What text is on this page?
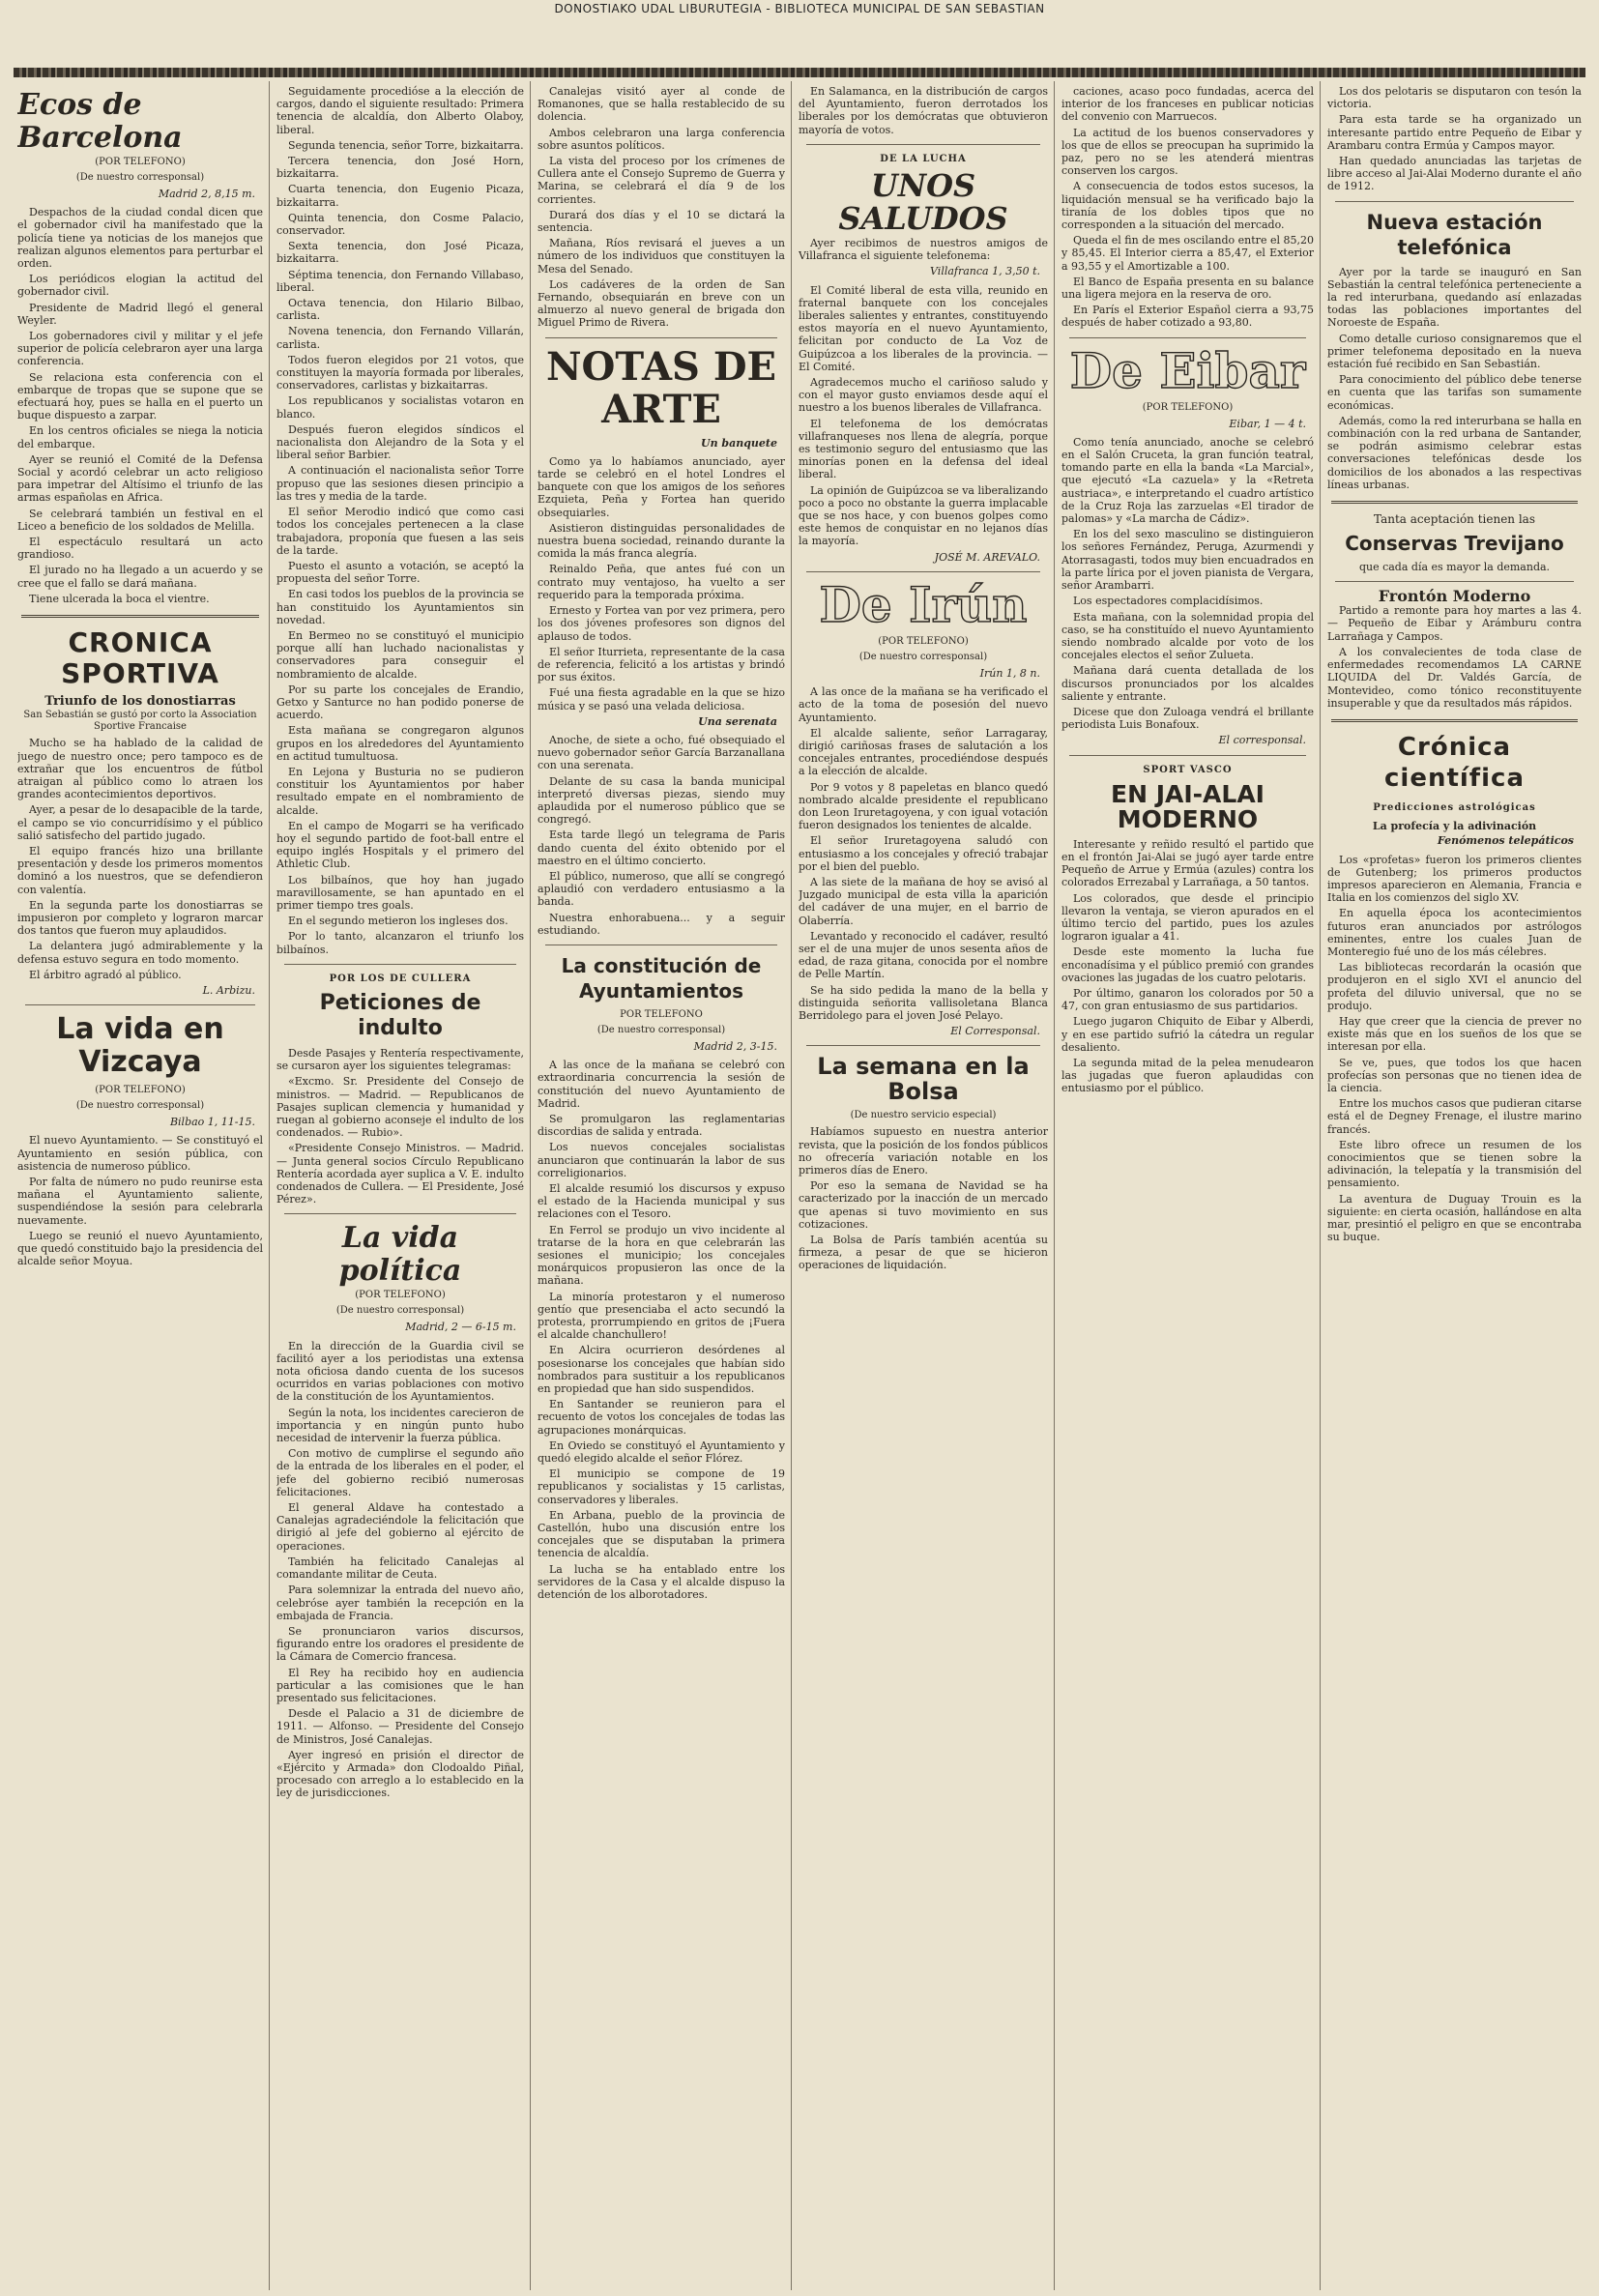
DONOSTIAKO UDAL LIBURUTEGIA - BIBLIOTECA MUNICIPAL DE SAN SEBASTIAN
Ecos de Barcelona
(POR TELEFONO)
(De nuestro corresponsal)
Madrid 2, 8,15 m.

Despachos de la ciudad condal dicen que el gobernador civil ha manifestado que la policía tiene ya noticias de los manejos que realizan algunos elementos para perturbar el orden.

Los periódicos elogian la actitud del gobernador civil.

Presidente de Madrid llegó el general Weyler.

Los gobernadores civil y militar y el jefe superior de policía celebraron ayer una larga conferencia.

Se relaciona esta conferencia con el embarque de tropas que se supone que se efectuará hoy, pues se halla en el puerto un buque dispuesto a zarpar.

En los centros oficiales se niega la noticia del embarque.

Ayer se reunió el Comité de la Defensa Social y acordó celebrar un acto religioso para impetrar del Altísimo el triunfo de las armas españolas en Africa.

Se celebrará también un festival en el Liceo a beneficio de los soldados de Melilla.

El espectáculo resultará un acto grandioso.

El jurado no ha llegado a un acuerdo y se cree que el fallo se dará mañana.

Tiene ulcerada la boca el vientre.

CRONICA SPORTIVA
Triunfo de los donostiarras
San Sebastián se gustó por corto la Association Sportive Francaise

Mucho se ha hablado de la calidad de juego de nuestro once; pero tampoco es de extrañar que los encuentros de fútbol atraigan al público como lo atraen los grandes acontecimientos deportivos.

Ayer, a pesar de lo desapacible de la tarde, el campo se vio concurridísimo y el público salió satisfecho del partido jugado.

El equipo francés hizo una brillante presentación y desde los primeros momentos dominó a los nuestros, que se defendieron con valentía.

En la segunda parte los donostiarras se impusieron por completo y lograron marcar dos tantos que fueron muy aplaudidos.

La delantera jugó admirablemente y la defensa estuvo segura en todo momento.

El árbitro agradó al público.

L. Arbizu.
La vida en Vizcaya
(POR TELEFONO)
(De nuestro corresponsal)
Bilbao 1, 11-15.

El nuevo Ayuntamiento. — Se constituyó el Ayuntamiento en sesión pública, con asistencia de numeroso público.

Por falta de número no pudo reunirse esta mañana el Ayuntamiento saliente, suspendiéndose la sesión para celebrarla nuevamente.

Luego se reunió el nuevo Ayuntamiento, que quedó constituido bajo la presidencia del alcalde señor Moyua.

Seguidamente procedióse a la elección de cargos, dando el siguiente resultado: Primera tenencia de alcaldía, don Alberto Olaboy, liberal.

Segunda tenencia, señor Torre, bizkaitarra.

Tercera tenencia, don José Horn, bizkaitarra.

Cuarta tenencia, don Eugenio Picaza, bizkaitarra.

Quinta tenencia, don Cosme Palacio, conservador.

Sexta tenencia, don José Picaza, bizkaitarra.

Séptima tenencia, don Fernando Villabaso, liberal.

Octava tenencia, don Hilario Bilbao, carlista.

Novena tenencia, don Fernando Villarán, carlista.

Todos fueron elegidos por 21 votos, que constituyen la mayoría formada por liberales, conservadores, carlistas y bizkaitarras.

Los republicanos y socialistas votaron en blanco.

Después fueron elegidos síndicos el nacionalista don Alejandro de la Sota y el liberal señor Barbier.

A continuación el nacionalista señor Torre propuso que las sesiones diesen principio a las tres y media de la tarde.

El señor Merodio indicó que como casi todos los concejales pertenecen a la clase trabajadora, proponía que fuesen a las seis de la tarde.

Puesto el asunto a votación, se aceptó la propuesta del señor Torre.

En casi todos los pueblos de la provincia se han constituido los Ayuntamientos sin novedad.

En Bermeo no se constituyó el municipio porque allí han luchado nacionalistas y conservadores para conseguir el nombramiento de alcalde.

Por su parte los concejales de Erandio, Getxo y Santurce no han podido ponerse de acuerdo.

Esta mañana se congregaron algunos grupos en los alrededores del Ayuntamiento en actitud tumultuosa.

En Lejona y Busturia no se pudieron constituir los Ayuntamientos por haber resultado empate en el nombramiento de alcalde.

En el campo de Mogarri se ha verificado hoy el segundo partido de foot-ball entre el equipo inglés Hospitals y el primero del Athletic Club.

Los bilbaínos, que hoy han jugado maravillosamente, se han apuntado en el primer tiempo tres goals.

En el segundo metieron los ingleses dos.

Por lo tanto, alcanzaron el triunfo los bilbaínos.

POR LOS DE CULLERA
Peticiones de indulto

Desde Pasajes y Rentería respectivamente, se cursaron ayer los siguientes telegramas:

«Excmo. Sr. Presidente del Consejo de ministros. — Madrid. — Republicanos de Pasajes suplican clemencia y humanidad y ruegan al gobierno aconseje el indulto de los condenados. — Rubio».

«Presidente Consejo Ministros. — Madrid. — Junta general socios Círculo Republicano Rentería acordada ayer suplica a V. E. indulto condenados de Cullera. — El Presidente, José Pérez».

La vida política
(POR TELEFONO)
(De nuestro corresponsal)
Madrid, 2 — 6-15 m.

En la dirección de la Guardia civil se facilitó ayer a los periodistas una extensa nota oficiosa dando cuenta de los sucesos ocurridos en varias poblaciones con motivo de la constitución de los Ayuntamientos.

Según la nota, los incidentes carecieron de importancia y en ningún punto hubo necesidad de intervenir la fuerza pública.

Con motivo de cumplirse el segundo año de la entrada de los liberales en el poder, el jefe del gobierno recibió numerosas felicitaciones.

El general Aldave ha contestado a Canalejas agradeciéndole la felicitación que dirigió al jefe del gobierno al ejército de operaciones.

También ha felicitado Canalejas al comandante militar de Ceuta.

Para solemnizar la entrada del nuevo año, celebróse ayer también la recepción en la embajada de Francia.

Se pronunciaron varios discursos, figurando entre los oradores el presidente de la Cámara de Comercio francesa.

El Rey ha recibido hoy en audiencia particular a las comisiones que le han presentado sus felicitaciones.

Desde el Palacio a 31 de diciembre de 1911. — Alfonso. — Presidente del Consejo de Ministros, José Canalejas.

Ayer ingresó en prisión el director de «Ejército y Armada» don Clodoaldo Piñal, procesado con arreglo a lo establecido en la ley de jurisdicciones.

Canalejas visitó ayer al conde de Romanones, que se halla restablecido de su dolencia.

Ambos celebraron una larga conferencia sobre asuntos políticos.

La vista del proceso por los crímenes de Cullera ante el Consejo Supremo de Guerra y Marina, se celebrará el día 9 de los corrientes.

Durará dos días y el 10 se dictará la sentencia.

Mañana, Ríos revisará el jueves a un número de los individuos que constituyen la Mesa del Senado.

Los cadáveres de la orden de San Fernando, obsequiarán en breve con un almuerzo al nuevo general de brigada don Miguel Primo de Rivera.

NOTAS DE ARTE
Un banquete

Como ya lo habíamos anunciado, ayer tarde se celebró en el hotel Londres el banquete con que los amigos de los señores Ezquieta, Peña y Fortea han querido obsequiarles.

Asistieron distinguidas personalidades de nuestra buena sociedad, reinando durante la comida la más franca alegría.

Reinaldo Peña, que antes fué con un contrato muy ventajoso, ha vuelto a ser requerido para la temporada próxima.

Ernesto y Fortea van por vez primera, pero los dos jóvenes profesores son dignos del aplauso de todos.

El señor Iturrieta, representante de la casa de referencia, felicitó a los artistas y brindó por sus éxitos.

Fué una fiesta agradable en la que se hizo música y se pasó una velada deliciosa.

Una serenata

Anoche, de siete a ocho, fué obsequiado el nuevo gobernador señor García Barzanallana con una serenata.

Delante de su casa la banda municipal interpretó diversas piezas, siendo muy aplaudida por el numeroso público que se congregó.

Esta tarde llegó un telegrama de Paris dando cuenta del éxito obtenido por el maestro en el último concierto.

El público, numeroso, que allí se congregó aplaudió con verdadero entusiasmo a la banda.

Nuestra enhorabuena... y a seguir estudiando.

La constitución de Ayuntamientos
POR TELEFONO
(De nuestro corresponsal)
Madrid 2, 3-15.

A las once de la mañana se celebró con extraordinaria concurrencia la sesión de constitución del nuevo Ayuntamiento de Madrid.

Se promulgaron las reglamentarias discordias de salida y entrada.

Los nuevos concejales socialistas anunciaron que continuarán la labor de sus correligionarios.

El alcalde resumió los discursos y expuso el estado de la Hacienda municipal y sus relaciones con el Tesoro.

En Ferrol se produjo un vivo incidente al tratarse de la hora en que celebrarán las sesiones el municipio; los concejales monárquicos propusieron las once de la mañana.

La minoría protestaron y el numeroso gentío que presenciaba el acto secundó la protesta, prorrumpiendo en gritos de ¡Fuera el alcalde chanchullero!

En Alcira ocurrieron desórdenes al posesionarse los concejales que habían sido nombrados para sustituir a los republicanos en propiedad que han sido suspendidos.

En Santander se reunieron para el recuento de votos los concejales de todas las agrupaciones monárquicas.

En Oviedo se constituyó el Ayuntamiento y quedó elegido alcalde el señor Flórez.

El municipio se compone de 19 republicanos y socialistas y 15 carlistas, conservadores y liberales.

En Arbana, pueblo de la provincia de Castellón, hubo una discusión entre los concejales que se disputaban la primera tenencia de alcaldía.

La lucha se ha entablado entre los servidores de la Casa y el alcalde dispuso la detención de los alborotadores.

En Salamanca, en la distribución de cargos del Ayuntamiento, fueron derrotados los liberales por los demócratas que obtuvieron mayoría de votos.

DE LA LUCHA
UNOS SALUDOS

Ayer recibimos de nuestros amigos de Villafranca el siguiente telefonema:

Villafranca 1, 3,50 t.

El Comité liberal de esta villa, reunido en fraternal banquete con los concejales liberales salientes y entrantes, constituyendo estos mayoría en el nuevo Ayuntamiento, felicitan por conducto de La Voz de Guipúzcoa a los liberales de la provincia. — El Comité.

Agradecemos mucho el cariñoso saludo y con el mayor gusto enviamos desde aquí el nuestro a los buenos liberales de Villafranca.

El telefonema de los demócratas villafranqueses nos llena de alegría, porque es testimonio seguro del entusiasmo que las minorías ponen en la defensa del ideal liberal.

La opinión de Guipúzcoa se va liberalizando poco a poco no obstante la guerra implacable que se nos hace, y con buenos golpes como este hemos de conquistar en no lejanos días la mayoría.

JOSÉ M. AREVALO.
De Irún
(POR TELEFONO)
(De nuestro corresponsal)
Irún 1, 8 n.

A las once de la mañana se ha verificado el acto de la toma de posesión del nuevo Ayuntamiento.

El alcalde saliente, señor Larragaray, dirigió cariñosas frases de salutación a los concejales entrantes, procediéndose después a la elección de alcalde.

Por 9 votos y 8 papeletas en blanco quedó nombrado alcalde presidente el republicano don Leon Iruretagoyena, y con igual votación fueron designados los tenientes de alcalde.

El señor Iruretagoyena saludó con entusiasmo a los concejales y ofreció trabajar por el bien del pueblo.

A las siete de la mañana de hoy se avisó al Juzgado municipal de esta villa la aparición del cadáver de una mujer, en el barrio de Olaberría.

Levantado y reconocido el cadáver, resultó ser el de una mujer de unos sesenta años de edad, de raza gitana, conocida por el nombre de Pelle Martín.

Se ha sido pedida la mano de la bella y distinguida señorita vallisoletana Blanca Berridolego para el joven José Pelayo.

El Corresponsal.
La semana en la Bolsa
(De nuestro servicio especial)

Habíamos supuesto en nuestra anterior revista, que la posición de los fondos públicos no ofrecería variación notable en los primeros días de Enero.

Por eso la semana de Navidad se ha caracterizado por la inacción de un mercado que apenas si tuvo movimiento en sus cotizaciones.

La Bolsa de París también acentúa su firmeza, a pesar de que se hicieron operaciones de liquidación.

caciones, acaso poco fundadas, acerca del interior de los franceses en publicar noticias del convenio con Marruecos.

La actitud de los buenos conservadores y los que de ellos se preocupan ha suprimido la paz, pero no se les atenderá mientras conserven los cargos.

A consecuencia de todos estos sucesos, la liquidación mensual se ha verificado bajo la tiranía de los dobles tipos que no corresponden a la situación del mercado.

Queda el fin de mes oscilando entre el 85,20 y 85,45. El Interior cierra a 85,47, el Exterior a 93,55 y el Amortizable a 100.

El Banco de España presenta en su balance una ligera mejora en la reserva de oro.

En París el Exterior Español cierra a 93,75 después de haber cotizado a 93,80.

De Eibar
(POR TELEFONO)
Eibar, 1 — 4 t.

Como tenía anunciado, anoche se celebró en el Salón Cruceta, la gran función teatral, tomando parte en ella la banda «La Marcial», que ejecutó «La cazuela» y la «Retreta austriaca», e interpretando el cuadro artístico de la Cruz Roja las zarzuelas «El tirador de palomas» y «La marcha de Cádiz».

En los del sexo masculino se distinguieron los señores Fernández, Peruga, Azurmendi y Atorrasagasti, todos muy bien encuadrados en la parte lírica por el joven pianista de Vergara, señor Arambarri.

Los espectadores complacidísimos.

Esta mañana, con la solemnidad propia del caso, se ha constituído el nuevo Ayuntamiento siendo nombrado alcalde por voto de los concejales electos el señor Zulueta.

Mañana dará cuenta detallada de los discursos pronunciados por los alcaldes saliente y entrante.

Dicese que don Zuloaga vendrá el brillante periodista Luis Bonafoux.

El corresponsal.
SPORT VASCO
EN JAI-ALAI MODERNO

Interesante y reñido resultó el partido que en el frontón Jai-Alai se jugó ayer tarde entre Pequeño de Arrue y Ermúa (azules) contra los colorados Errezabal y Larrañaga, a 50 tantos.

Los colorados, que desde el principio llevaron la ventaja, se vieron apurados en el último tercio del partido, pues los azules lograron igualar a 41.

Desde este momento la lucha fue enconadísima y el público premió con grandes ovaciones las jugadas de los cuatro pelotaris.

Por último, ganaron los colorados por 50 a 47, con gran entusiasmo de sus partidarios.

Luego jugaron Chiquito de Eibar y Alberdi, y en ese partido sufrió la cátedra un regular desaliento.

La segunda mitad de la pelea menudearon las jugadas que fueron aplaudidas con entusiasmo por el público.

Los dos pelotaris se disputaron con tesón la victoria.

Para esta tarde se ha organizado un interesante partido entre Pequeño de Eibar y Arambaru contra Ermúa y Campos mayor.

Han quedado anunciadas las tarjetas de libre acceso al Jai-Alai Moderno durante el año de 1912.

Nueva estación telefónica

Ayer por la tarde se inauguró en San Sebastián la central telefónica perteneciente a la red interurbana, quedando así enlazadas todas las poblaciones importantes del Noroeste de España.

Como detalle curioso consignaremos que el primer telefonema depositado en la nueva estación fué recibido en San Sebastián.

Para conocimiento del público debe tenerse en cuenta que las tarifas son sumamente económicas.

Además, como la red interurbana se halla en combinación con la red urbana de Santander, se podrán asimismo celebrar estas conversaciones telefónicas desde los domicilios de los abonados a las respectivas líneas urbanas.

Tanta aceptación tienen las
Conservas Trevijano
que cada día es mayor la demanda.
Frontón Moderno

Partido a remonte para hoy martes a las 4. — Pequeño de Eibar y Arámburu contra Larrañaga y Campos.

A los convalecientes de toda clase de enfermedades recomendamos LA CARNE LIQUIDA del Dr. Valdés García, de Montevideo, como tónico reconstituyente insuperable y que da resultados más rápidos.

Crónica científica
Predicciones astrológicas
La profecía y la adivinación
Fenómenos telepáticos

Los «profetas» fueron los primeros clientes de Gutenberg; los primeros productos impresos aparecieron en Alemania, Francia e Italia en los comienzos del siglo XV.

En aquella época los acontecimientos futuros eran anunciados por astrólogos eminentes, entre los cuales Juan de Monteregio fué uno de los más célebres.

Las bibliotecas recordarán la ocasión que produjeron en el siglo XVI el anuncio del profeta del diluvio universal, que no se produjo.

Hay que creer que la ciencia de prever no existe más que en los sueños de los que se interesan por ella.

Se ve, pues, que todos los que hacen profecías son personas que no tienen idea de la ciencia.

Entre los muchos casos que pudieran citarse está el de Degney Frenage, el ilustre marino francés.

Este libro ofrece un resumen de los conocimientos que se tienen sobre la adivinación, la telepatía y la transmisión del pensamiento.

La aventura de Duguay Trouin es la siguiente: en cierta ocasión, hallándose en alta mar, presintió el peligro en que se encontraba su buque.
